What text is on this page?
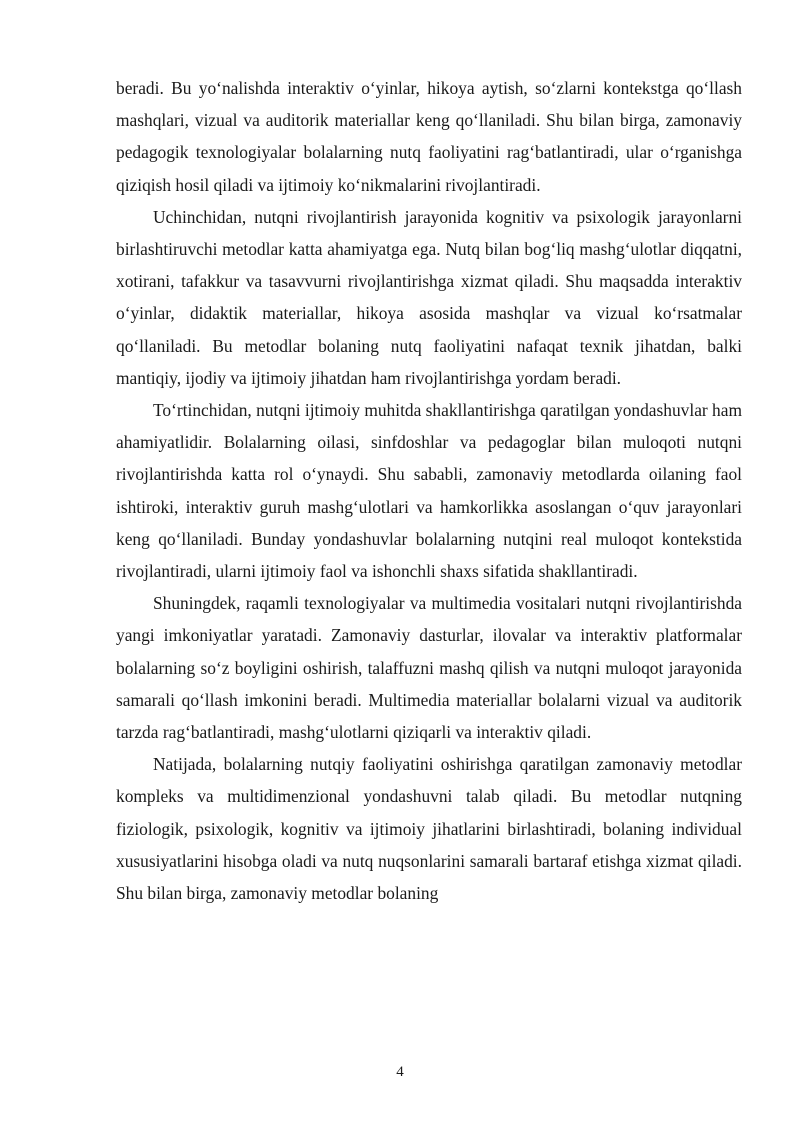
beradi. Bu yo‘nalishda interaktiv o‘yinlar, hikoya aytish, so‘zlarni kontekstga qo‘llash mashqlari, vizual va auditorik materiallar keng qo‘llaniladi. Shu bilan birga, zamonaviy pedagogik texnologiyalar bolalarning nutq faoliyatini rag‘batlantiradi, ular o‘rganishga qiziqish hosil qiladi va ijtimoiy ko‘nikmalarini rivojlantiradi.

Uchinchidan, nutqni rivojlantirish jarayonida kognitiv va psixologik jarayonlarni birlashtiruvchi metodlar katta ahamiyatga ega. Nutq bilan bog‘liq mashg‘ulotlar diqqatni, xotirani, tafakkur va tasavvurni rivojlantirishga xizmat qiladi. Shu maqsadda interaktiv o‘yinlar, didaktik materiallar, hikoya asosida mashqlar va vizual ko‘rsatmalar qo‘llaniladi. Bu metodlar bolaning nutq faoliyatini nafaqat texnik jihatdan, balki mantiqiy, ijodiy va ijtimoiy jihatdan ham rivojlantirishga yordam beradi.

To‘rtinchidan, nutqni ijtimoiy muhitda shakllantirishga qaratilgan yondashuvlar ham ahamiyatlidir. Bolalarning oilasi, sinfdoshlar va pedagoglar bilan muloqoti nutqni rivojlantirishda katta rol o‘ynaydi. Shu sababli, zamonaviy metodlarda oilaning faol ishtiroki, interaktiv guruh mashg‘ulotlari va hamkorlikka asoslangan o‘quv jarayonlari keng qo‘llaniladi. Bunday yondashuvlar bolalarning nutqini real muloqot kontekstida rivojlantiradi, ularni ijtimoiy faol va ishonchli shaxs sifatida shakllantiradi.

Shuningdek, raqamli texnologiyalar va multimedia vositalari nutqni rivojlantirishda yangi imkoniyatlar yaratadi. Zamonaviy dasturlar, ilovalar va interaktiv platformalar bolalarning so‘z boyligini oshirish, talaffuzni mashq qilish va nutqni muloqot jarayonida samarali qo‘llash imkonini beradi. Multimedia materiallar bolalarni vizual va auditorik tarzda rag‘batlantiradi, mashg‘ulotlarni qiziqarli va interaktiv qiladi.

Natijada, bolalarning nutqiy faoliyatini oshirishga qaratilgan zamonaviy metodlar kompleks va multidimenzional yondashuvni talab qiladi. Bu metodlar nutqning fiziologik, psixologik, kognitiv va ijtimoiy jihatlarini birlashtiradi, bolaning individual xususiyatlarini hisobga oladi va nutq nuqsonlarini samarali bartaraf etishga xizmat qiladi. Shu bilan birga, zamonaviy metodlar bolaning

4
